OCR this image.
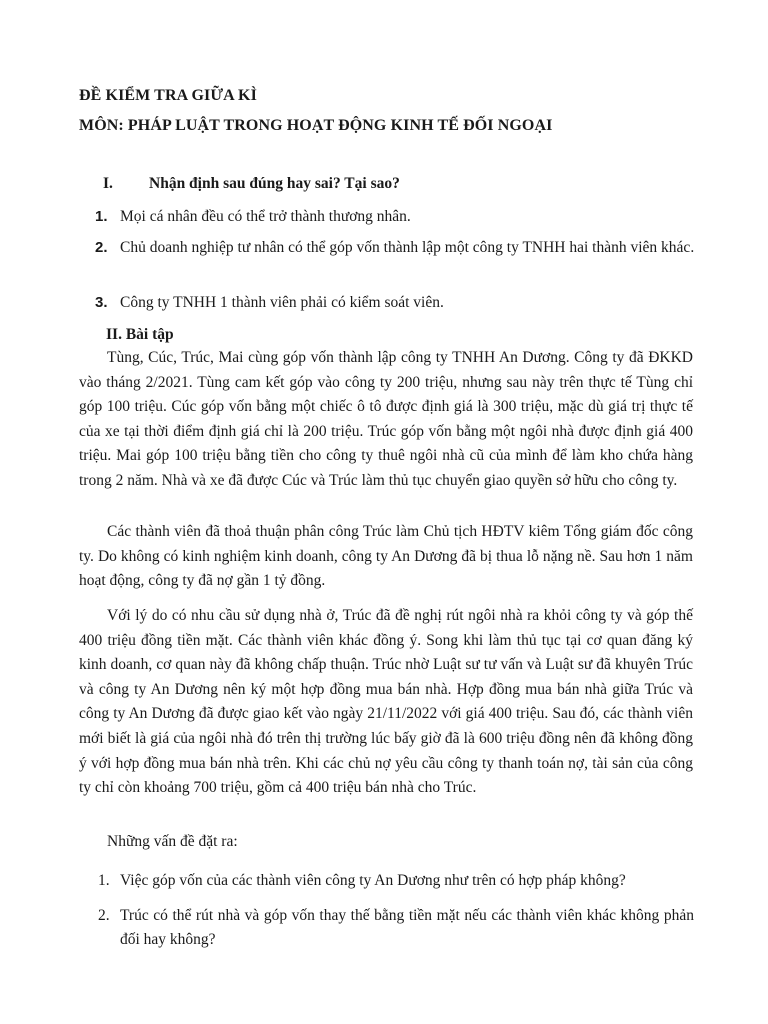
ĐỀ KIỂM TRA GIỮA KÌ
MÔN: PHÁP LUẬT TRONG HOẠT ĐỘNG KINH TẾ ĐỐI NGOẠI
I. Nhận định sau đúng hay sai? Tại sao?
1. Mọi cá nhân đều có thể trở thành thương nhân.
2. Chủ doanh nghiệp tư nhân có thể góp vốn thành lập một công ty TNHH hai thành viên khác.
3. Công ty TNHH 1 thành viên phải có kiểm soát viên.
II. Bài tập
Tùng, Cúc, Trúc, Mai cùng góp vốn thành lập công ty TNHH An Dương. Công ty đã ĐKKD vào tháng 2/2021. Tùng cam kết góp vào công ty 200 triệu, nhưng sau này trên thực tế Tùng chỉ góp 100 triệu. Cúc góp vốn bằng một chiếc ô tô được định giá là 300 triệu, mặc dù giá trị thực tế của xe tại thời điểm định giá chỉ là 200 triệu. Trúc góp vốn bằng một ngôi nhà được định giá 400 triệu. Mai góp 100 triệu bằng tiền cho công ty thuê ngôi nhà cũ của mình để làm kho chứa hàng trong 2 năm. Nhà và xe đã được Cúc và Trúc làm thủ tục chuyển giao quyền sở hữu cho công ty.
Các thành viên đã thoả thuận phân công Trúc làm Chủ tịch HĐTV kiêm Tổng giám đốc công ty. Do không có kinh nghiệm kinh doanh, công ty An Dương đã bị thua lỗ nặng nề. Sau hơn 1 năm hoạt động, công ty đã nợ gần 1 tỷ đồng.
Với lý do có nhu cầu sử dụng nhà ở, Trúc đã đề nghị rút ngôi nhà ra khỏi công ty và góp thế 400 triệu đồng tiền mặt. Các thành viên khác đồng ý. Song khi làm thủ tục tại cơ quan đăng ký kinh doanh, cơ quan này đã không chấp thuận. Trúc nhờ Luật sư tư vấn và Luật sư đã khuyên Trúc và công ty An Dương nên ký một hợp đồng mua bán nhà. Hợp đồng mua bán nhà giữa Trúc và công ty An Dương đã được giao kết vào ngày 21/11/2022 với giá 400 triệu. Sau đó, các thành viên mới biết là giá của ngôi nhà đó trên thị trường lúc bấy giờ đã là 600 triệu đồng nên đã không đồng ý với hợp đồng mua bán nhà trên. Khi các chủ nợ yêu cầu công ty thanh toán nợ, tài sản của công ty chỉ còn khoảng 700 triệu, gồm cả 400 triệu bán nhà cho Trúc.
Những vấn đề đặt ra:
1. Việc góp vốn của các thành viên công ty An Dương như trên có hợp pháp không?
2. Trúc có thể rút nhà và góp vốn thay thế bằng tiền mặt nếu các thành viên khác không phản đối hay không?
